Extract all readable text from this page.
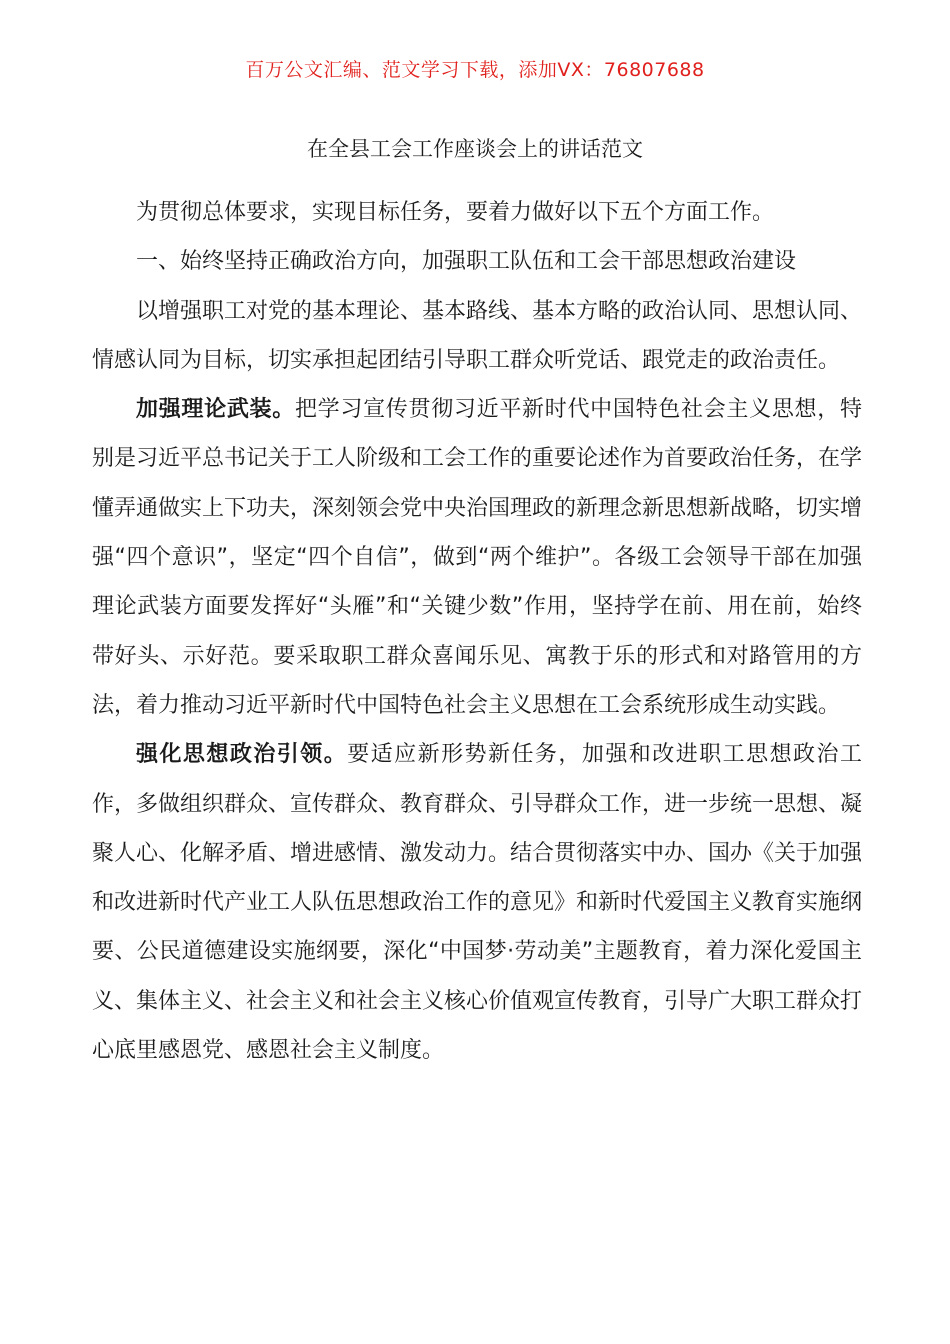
百万公文汇编、范文学习下载，添加VX：76807688
在全县工会工作座谈会上的讲话范文

为贯彻总体要求，实现目标任务，要着力做好以下五个方面工作。

一、始终坚持正确政治方向，加强职工队伍和工会干部思想政治建设

以增强职工对党的基本理论、基本路线、基本方略的政治认同、思想认同、情感认同为目标，切实承担起团结引导职工群众听党话、跟党走的政治责任。

加强理论武装。把学习宣传贯彻习近平新时代中国特色社会主义思想，特别是习近平总书记关于工人阶级和工会工作的重要论述作为首要政治任务，在学懂弄通做实上下功夫，深刻领会党中央治国理政的新理念新思想新战略，切实增强“四个意识”，坚定“四个自信”，做到“两个维护”。各级工会领导干部在加强理论武装方面要发挥好“头雁”和“关键少数”作用，坚持学在前、用在前，始终带好头、示好范。要采取职工群众喜闻乐见、寓教于乐的形式和对路管用的方法，着力推动习近平新时代中国特色社会主义思想在工会系统形成生动实践。

强化思想政治引领。要适应新形势新任务，加强和改进职工思想政治工作，多做组织群众、宣传群众、教育群众、引导群众工作，进一步统一思想、凝聚人心、化解矛盾、增进感情、激发动力。结合贯彻落实中办、国办《关于加强和改进新时代产业工人队伍思想政治工作的意见》和新时代爱国主义教育实施纲要、公民道德建设实施纲要，深化“中国梦·劳动美”主题教育，着力深化爱国主义、集体主义、社会主义和社会主义核心价值观宣传教育，引导广大职工群众打心底里感恩党、感恩社会主义制度。
